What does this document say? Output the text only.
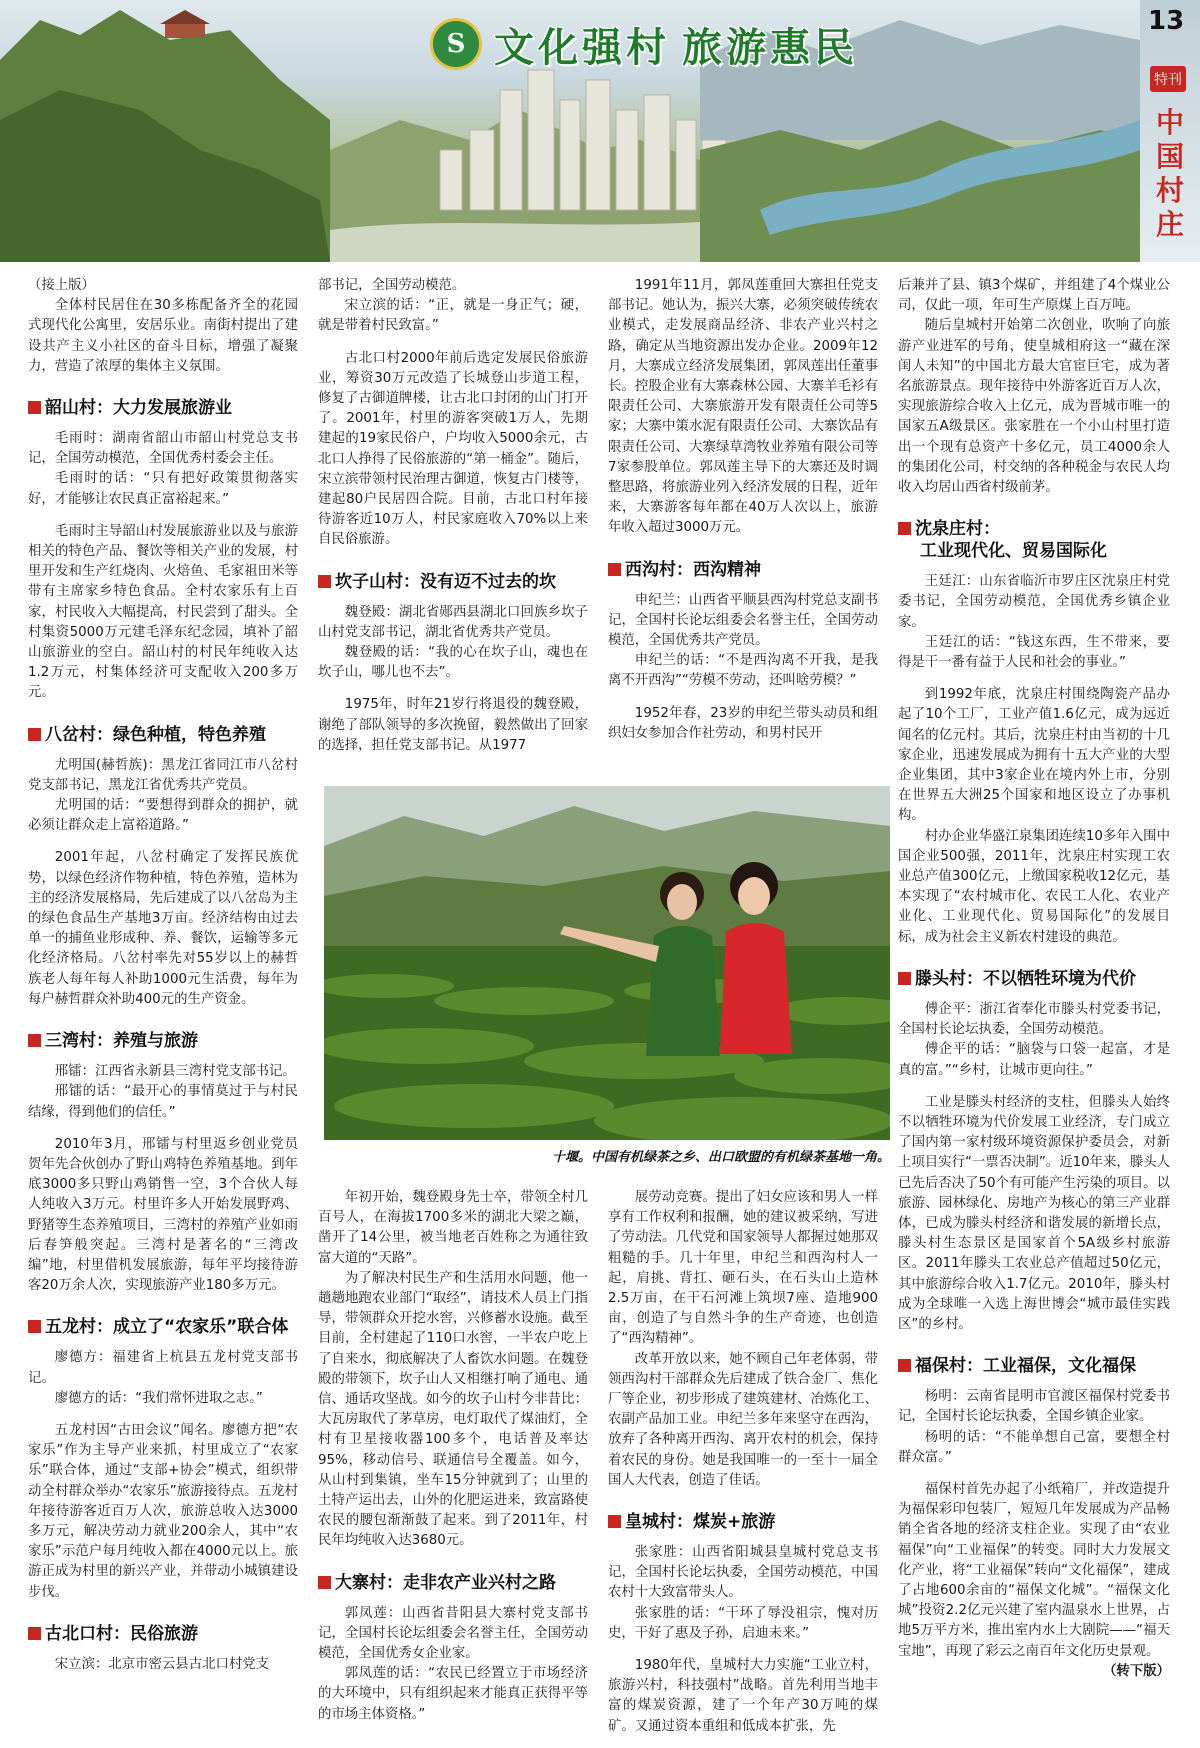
S 文化强村 旅游惠民
13
特刊
中国村庄

（接上版）

全体村民居住在30多栋配备齐全的花园式现代化公寓里，安居乐业。南街村提出了建设共产主义小社区的奋斗目标，增强了凝聚力，营造了浓厚的集体主义氛围。

韶山村：大力发展旅游业

毛雨时：湖南省韶山市韶山村党总支书记，全国劳动模范，全国优秀村委会主任。

毛雨时的话：“只有把好政策贯彻落实好，才能够让农民真正富裕起来。”

毛雨时主导韶山村发展旅游业以及与旅游相关的特色产品、餐饮等相关产业的发展，村里开发和生产红烧肉、火焙鱼、毛家祖田米等带有主席家乡特色食品。全村农家乐有上百家，村民收入大幅提高，村民尝到了甜头。全村集资5000万元建毛泽东纪念园，填补了韶山旅游业的空白。韶山村的村民年纯收入达1.2万元，村集体经济可支配收入200多万元。

八岔村：绿色种植，特色养殖

尤明国(赫哲族)：黑龙江省同江市八岔村党支部书记，黑龙江省优秀共产党员。

尤明国的话：“要想得到群众的拥护，就必须让群众走上富裕道路。”

2001年起，八岔村确定了发挥民族优势，以绿色经济作物种植，特色养殖，造林为主的经济发展格局，先后建成了以八岔岛为主的绿色食品生产基地3万亩。经济结构由过去单一的捕鱼业形成种、养、餐饮，运输等多元化经济格局。八岔村率先对55岁以上的赫哲族老人每年每人补助1000元生活费，每年为每户赫哲群众补助400元的生产资金。

三湾村：养殖与旅游

邢镭：江西省永新县三湾村党支部书记。

邢镭的话：“最开心的事情莫过于与村民结缘，得到他们的信任。”

2010年3月，邢镭与村里返乡创业党员贺年先合伙创办了野山鸡特色养殖基地。到年底3000多只野山鸡销售一空，3个合伙人每人纯收入3万元。村里许多人开始发展野鸡、野猪等生态养殖项目，三湾村的养殖产业如雨后春笋般突起。三湾村是著名的“三湾改编”地，村里借机发展旅游，每年平均接待游客20万余人次，实现旅游产业180多万元。

五龙村：成立了“农家乐”联合体

廖德方：福建省上杭县五龙村党支部书记。

廖德方的话：“我们常怀进取之志。”

五龙村因“古田会议”闻名。廖德方把“农家乐”作为主导产业来抓，村里成立了“农家乐”联合体，通过“支部+协会”模式，组织带动全村群众举办“农家乐”旅游接待点。五龙村年接待游客近百万人次，旅游总收入达3000多万元，解决劳动力就业200余人，其中“农家乐”示范户每月纯收入都在4000元以上。旅游正成为村里的新兴产业，并带动小城镇建设步伐。

古北口村：民俗旅游

宋立滨：北京市密云县古北口村党支

部书记，全国劳动模范。

宋立滨的话：“正，就是一身正气；硬，就是带着村民致富。”

古北口村2000年前后选定发展民俗旅游业，筹资30万元改造了长城登山步道工程，修复了古御道牌楼，让古北口封闭的山门打开了。2001年，村里的游客突破1万人，先期建起的19家民俗户，户均收入5000余元，古北口人挣得了民俗旅游的“第一桶金”。随后，宋立滨带领村民治理古御道，恢复古门楼等，建起80户民居四合院。目前，古北口村年接待游客近10万人，村民家庭收入70%以上来自民俗旅游。

坎子山村：没有迈不过去的坎

魏登殿：湖北省郧西县湖北口回族乡坎子山村党支部书记，湖北省优秀共产党员。

魏登殿的话：“我的心在坎子山，魂也在坎子山，哪儿也不去”。

1975年，时年21岁行将退役的魏登殿，谢绝了部队领导的多次挽留，毅然做出了回家的选择，担任党支部书记。从1977

1991年11月，郭凤莲重回大寨担任党支部书记。她认为，振兴大寨，必须突破传统农业模式，走发展商品经济、非农产业兴村之路，确定从当地资源出发办企业。2009年12月，大寨成立经济发展集团，郭凤莲出任董事长。控股企业有大寨森林公园、大寨羊毛衫有限责任公司、大寨旅游开发有限责任公司等5家；大寨中策水泥有限责任公司、大寨饮品有限责任公司、大寨绿草湾牧业养殖有限公司等7家参股单位。郭凤莲主导下的大寨还及时调整思路，将旅游业列入经济发展的日程，近年来，大寨游客每年都在40万人次以上，旅游年收入超过3000万元。

西沟村：西沟精神

申纪兰：山西省平顺县西沟村党总支副书记，全国村长论坛组委会名誉主任，全国劳动模范，全国优秀共产党员。

申纪兰的话：“不是西沟离不开我，是我离不开西沟”“劳模不劳动，还叫啥劳模？”

1952年春，23岁的申纪兰带头动员和组织妇女参加合作社劳动，和男村民开

后兼并了县、镇3个煤矿，并组建了4个煤业公司，仅此一项，年可生产原煤上百万吨。

随后皇城村开始第二次创业，吹响了向旅游产业进军的号角，使皇城相府这一“藏在深闺人未知”的中国北方最大官宦巨宅，成为著名旅游景点。现年接待中外游客近百万人次，实现旅游综合收入上亿元，成为晋城市唯一的国家五A级景区。张家胜在一个小山村里打造出一个现有总资产十多亿元，员工4000余人的集团化公司，村交纳的各种税金与农民人均收入均居山西省村级前茅。

沈泉庄村：
工业现代化、贸易国际化

王廷江：山东省临沂市罗庄区沈泉庄村党委书记，全国劳动模范，全国优秀乡镇企业家。

王廷江的话：“钱这东西，生不带来，要得是干一番有益于人民和社会的事业。”

到1992年底，沈泉庄村围绕陶瓷产品办起了10个工厂，工业产值1.6亿元，成为远近闻名的亿元村。其后，沈泉庄村由当初的十几家企业，迅速发展成为拥有十五大产业的大型企业集团，其中3家企业在境内外上市，分别在世界五大洲25个国家和地区设立了办事机构。

村办企业华盛江泉集团连续10多年入围中国企业500强，2011年，沈泉庄村实现工农业总产值300亿元，上缴国家税收12亿元，基本实现了“农村城市化、农民工人化、农业产业化、工业现代化、贸易国际化”的发展目标，成为社会主义新农村建设的典范。

滕头村：不以牺牲环境为代价

傅企平：浙江省奉化市滕头村党委书记，全国村长论坛执委，全国劳动模范。

傅企平的话：“脑袋与口袋一起富，才是真的富。”“乡村，让城市更向往。”

工业是滕头村经济的支柱，但滕头人始终不以牺牲环境为代价发展工业经济，专门成立了国内第一家村级环境资源保护委员会，对新上项目实行“一票否决制”。近10年来，滕头人已先后否决了50个有可能产生污染的项目。以旅游、园林绿化、房地产为核心的第三产业群体，已成为滕头村经济和谐发展的新增长点，滕头村生态景区是国家首个5A级乡村旅游区。2011年滕头工农业总产值超过50亿元，其中旅游综合收入1.7亿元。2010年，滕头村成为全球唯一入选上海世博会“城市最佳实践区”的乡村。

福保村：工业福保，文化福保

杨明：云南省昆明市官渡区福保村党委书记，全国村长论坛执委，全国乡镇企业家。

杨明的话：“不能单想自己富，要想全村群众富。”

福保村首先办起了小纸箱厂，并改造提升为福保彩印包装厂，短短几年发展成为产品畅销全省各地的经济支柱企业。实现了由“农业福保”向“工业福保”的转变。同时大力发展文化产业，将“工业福保”转向“文化福保”，建成了占地600余亩的“福保文化城”。“福保文化城”投资2.2亿元兴建了室内温泉水上世界，占地5万平方米，推出室内水上大剧院——“福天宝地”，再现了彩云之南百年文化历史景观。

（转下版）

十堰。中国有机绿茶之乡、出口欧盟的有机绿茶基地一角。

年初开始，魏登殿身先士卒，带领全村几百号人，在海拔1700多米的湖北大梁之巅，凿开了14公里，被当地老百姓称之为通往致富大道的“天路”。

为了解决村民生产和生活用水问题，他一趟趟地跑农业部门“取经”，请技术人员上门指导，带领群众开挖水窖，兴修蓄水设施。截至目前，全村建起了110口水窖，一半农户吃上了自来水，彻底解决了人畜饮水问题。在魏登殿的带领下，坎子山人又相继打响了通电、通信、通话攻坚战。如今的坎子山村今非昔比：大瓦房取代了茅草房，电灯取代了煤油灯，全村有卫星接收器100多个，电话普及率达95%，移动信号、联通信号全覆盖。如今，从山村到集镇，坐车15分钟就到了；山里的土特产运出去，山外的化肥运进来，致富路使农民的腰包渐渐鼓了起来。到了2011年，村民年均纯收入达3680元。

大寨村：走非农产业兴村之路

郭凤莲：山西省昔阳县大寨村党支部书记，全国村长论坛组委会名誉主任，全国劳动模范，全国优秀女企业家。

郭凤莲的话：“农民已经置立于市场经济的大环境中，只有组织起来才能真正获得平等的市场主体资格。”

展劳动竞赛。提出了妇女应该和男人一样享有工作权利和报酬，她的建议被采纳，写进了劳动法。几代党和国家领导人都握过她那双粗糙的手。几十年里，申纪兰和西沟村人一起，肩挑、背扛、砸石头，在石头山上造林2.5万亩，在干石河滩上筑坝7座、造地900亩，创造了与自然斗争的生产奇迹，也创造了“西沟精神”。

改革开放以来，她不顾自己年老体弱，带领西沟村干部群众先后建成了铁合金厂、焦化厂等企业，初步形成了建筑建材、冶炼化工、农副产品加工业。申纪兰多年来坚守在西沟，放弃了各种离开西沟、离开农村的机会，保持着农民的身份。她是我国唯一的一至十一届全国人大代表，创造了佳话。

皇城村：煤炭+旅游

张家胜：山西省阳城县皇城村党总支书记，全国村长论坛执委，全国劳动模范，中国农村十大致富带头人。

张家胜的话：“干环了辱没祖宗，愧对历史，干好了惠及子孙，启迪未来。”

1980年代，皇城村大力实施“工业立村，旅游兴村，科技强村”战略。首先利用当地丰富的煤炭资源，建了一个年产30万吨的煤矿。又通过资本重组和低成本扩张，先
